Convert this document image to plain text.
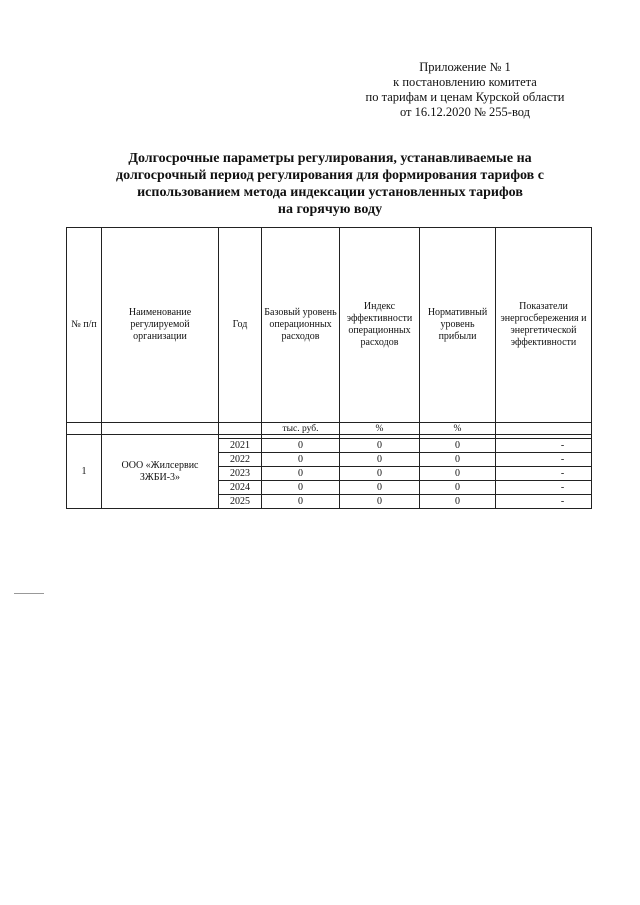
Приложение № 1
к постановлению комитета
по тарифам и ценам Курской области
от 16.12.2020 № 255-вод
Долгосрочные параметры регулирования, устанавливаемые на
долгосрочный период регулирования для формирования тарифов с
использованием метода индексации установленных тарифов
на горячую воду
№ п/п	Наименование регулируемой организации	Год	Базовый уровень операционных расходов	Индекс эффективности операционных расходов	Нормативный уровень прибыли	Показатели энергосбережения и энергетической эффективности
			тыс. руб.	%	%	
1	ООО «Жилсервис ЗЖБИ-3»					
		2021	0	0	0	-
		2022	0	0	0	-
		2023	0	0	0	-
		2024	0	0	0	-
		2025	0	0	0	-
